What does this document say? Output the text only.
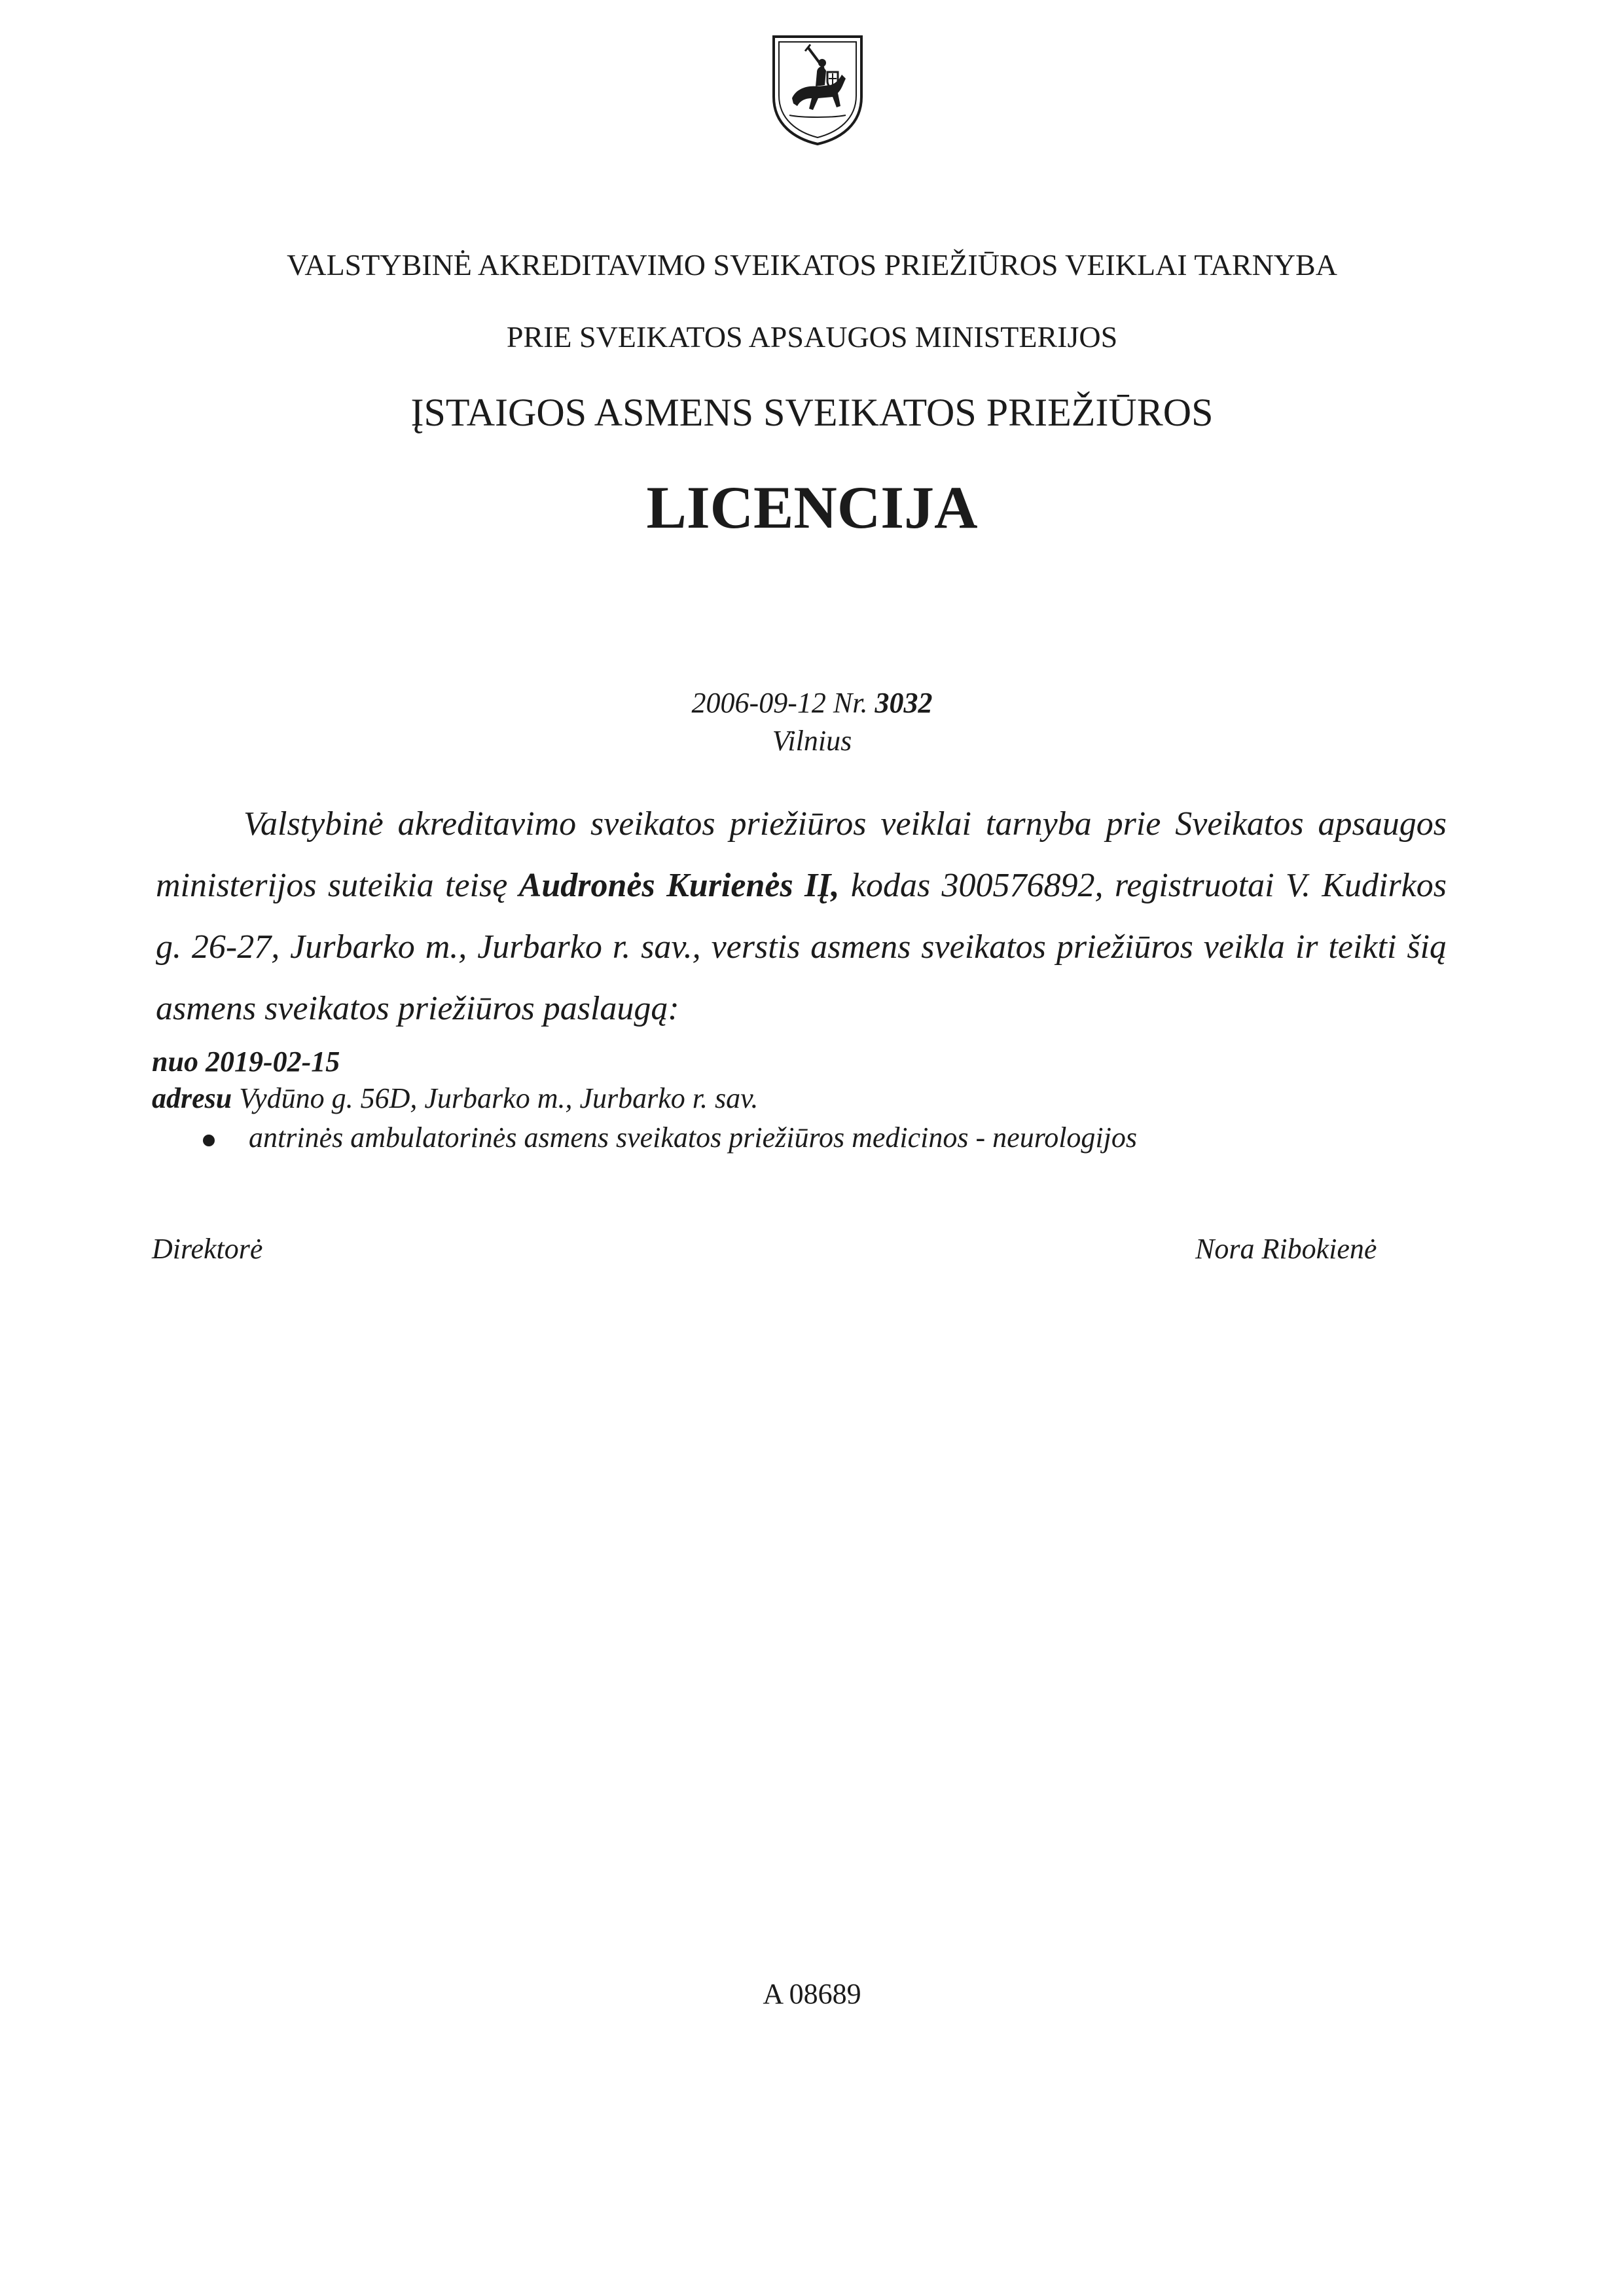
VALSTYBINĖ AKREDITAVIMO SVEIKATOS PRIEŽIŪROS VEIKLAI TARNYBA
PRIE SVEIKATOS APSAUGOS MINISTERIJOS
ĮSTAIGOS ASMENS SVEIKATOS PRIEŽIŪROS
LICENCIJA
2006-09-12 Nr. 3032
Vilnius
Valstybinė akreditavimo sveikatos priežiūros veiklai tarnyba prie Sveikatos apsaugos ministerijos suteikia teisę Audronės Kurienės IĮ, kodas 300576892, registruotai V. Kudirkos g. 26-27, Jurbarko m., Jurbarko r. sav., verstis asmens sveikatos priežiūros veikla ir teikti šią asmens sveikatos priežiūros paslaugą:
nuo 2019-02-15
adresu Vydūno g. 56D, Jurbarko m., Jurbarko r. sav.
antrinės ambulatorinės asmens sveikatos priežiūros medicinos - neurologijos
Direktorė	Nora Ribokienė
A 08689
